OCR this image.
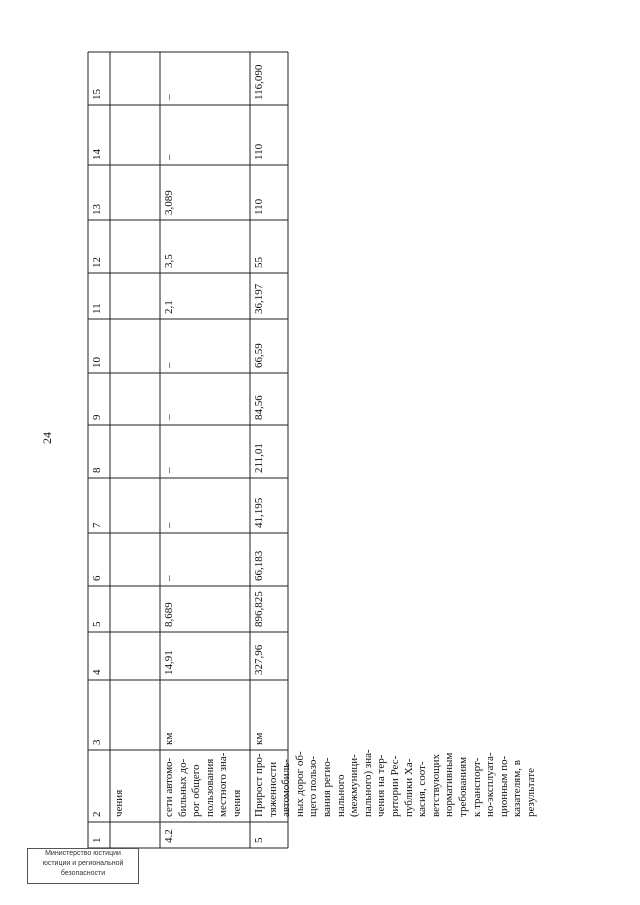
24
1
2
3
4
5
6
7
8
9
10
11
12
13
14
15
чения
4.2
сети автомо-
бильных до-
рог общего
пользования
местного зна-
чения
км
14,91
8,689
–
–
–
–
–
2,1
3,5
3,089
–
–
5
Прирост про-
тяженности
автомобиль-
ных дорог об-
щего пользо-
вания регио-
нального
(межмуници-
пального) зна-
чения на тер-
ритории Рес-
публики Ха-
касия, соот-
ветствующих
нормативным
требованиям
к транспорт-
но-эксплуата-
ционным по-
казателям, в
результате
км
327,96
896,825
66,183
41,195
211,01
84,56
66,59
36,197
55
110
110
116,090
Министерство юстиции
юстиции и региональной
безопасности
